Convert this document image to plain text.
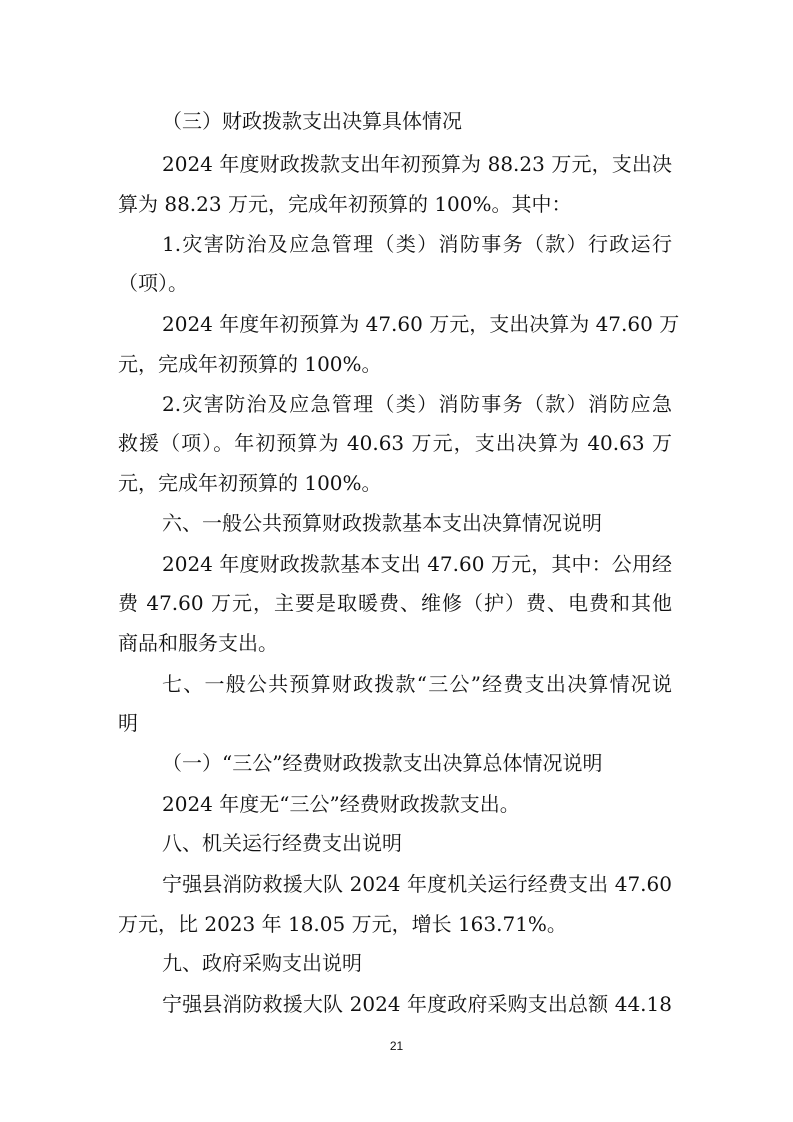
（三）财政拨款支出决算具体情况

2024 年度财政拨款支出年初预算为 88.23 万元，支出决

算为 88.23 万元，完成年初预算的 100%。其中：

1.灾害防治及应急管理（类）消防事务（款）行政运行

（项）。

2024 年度年初预算为 47.60 万元，支出决算为 47.60 万

元，完成年初预算的 100%。

2.灾害防治及应急管理（类）消防事务（款）消防应急

救援（项）。年初预算为 40.63 万元，支出决算为 40.63 万

元，完成年初预算的 100%。

六、一般公共预算财政拨款基本支出决算情况说明

2024 年度财政拨款基本支出 47.60 万元，其中：公用经

费 47.60 万元，主要是取暖费、维修（护）费、电费和其他

商品和服务支出。

七、一般公共预算财政拨款“三公”经费支出决算情况说

明

（一）“三公”经费财政拨款支出决算总体情况说明

2024 年度无“三公”经费财政拨款支出。

八、机关运行经费支出说明

宁强县消防救援大队 2024 年度机关运行经费支出 47.60

万元，比 2023 年 18.05 万元，增长 163.71%。

九、政府采购支出说明

宁强县消防救援大队 2024 年度政府采购支出总额 44.18

21
